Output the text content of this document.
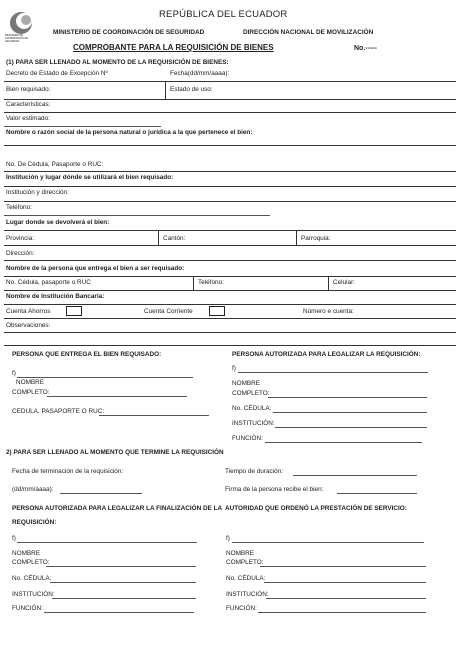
MINISTERIO DE COORDINACIÓN DE SEGURIDAD
REPÚBLICA DEL ECUADOR
MINISTERIO DE COORDINACIÓN DE SEGURIDAD	DIRECCIÓN NACIONAL DE MOVILIZACIÓN
COMPROBANTE PARA LA REQUISICIÓN DE BIENES	No.-----
(1) PARA SER LLENADO AL MOMENTO DE LA REQUISICIÓN DE BIENES:
Decreto de Estado de Excepción Nº	Fecha(dd/mm/aaaa):
Bien requisado:	Estado de uso:
Características:
Valor estimado:
Nombre o razón social de la persona natural o jurídica a la que pertenece el bien:
No. De Cédula, Pasaporte o RUC:
Institución y lugar dónde se utilizará el bien requisado:
Institución y dirección:
Teléfono:
Lugar donde se devolverá el bien:
Provincia:	Cantón:	Parroquia:
Dirección:
Nombre de la persona que entrega el bien a ser requisado:
No. Cédula, pasaporte o RUC	Teléfono:	Celular:
Nombre de Institución Bancaria:
Cuenta Ahorros	Cuenta Corriente	Número e cuenta:
Observaciones:
PERSONA QUE ENTREGA EL BIEN REQUISADO:
f)
NOMBRE
COMPLETO:
CEDULA, PASAPORTE O RUC:
PERSONA AUTORIZADA PARA LEGALIZAR LA REQUISICIÓN:
f)
NOMBRE
COMPLETO:
No. CÉDULA:
INSTITUCIÓN:
FUNCIÓN:
2) PARA SER LLENADO AL MOMENTO QUE TERMINE LA REQUISICIÓN
Fecha de terminación de la requisición:	Tiempo de duración:
(dd/mm/aaaa):	Firma de la persona recibe el bien:
PERSONA AUTORIZADA PARA LEGALIZAR LA FINALIZACIÓN DE LA
REQUISICIÓN:
AUTORIDAD QUE ORDENÓ LA PRESTACIÓN DE SERVICIO:
f)
NOMBRE
COMPLETO:
No. CÉDULA:
INSTITUCIÓN:
FUNCIÓN:
f)
NOMBRE
COMPLETO:
No. CÉDULA:
INSTITUCIÓN:
FUNCIÓN:
